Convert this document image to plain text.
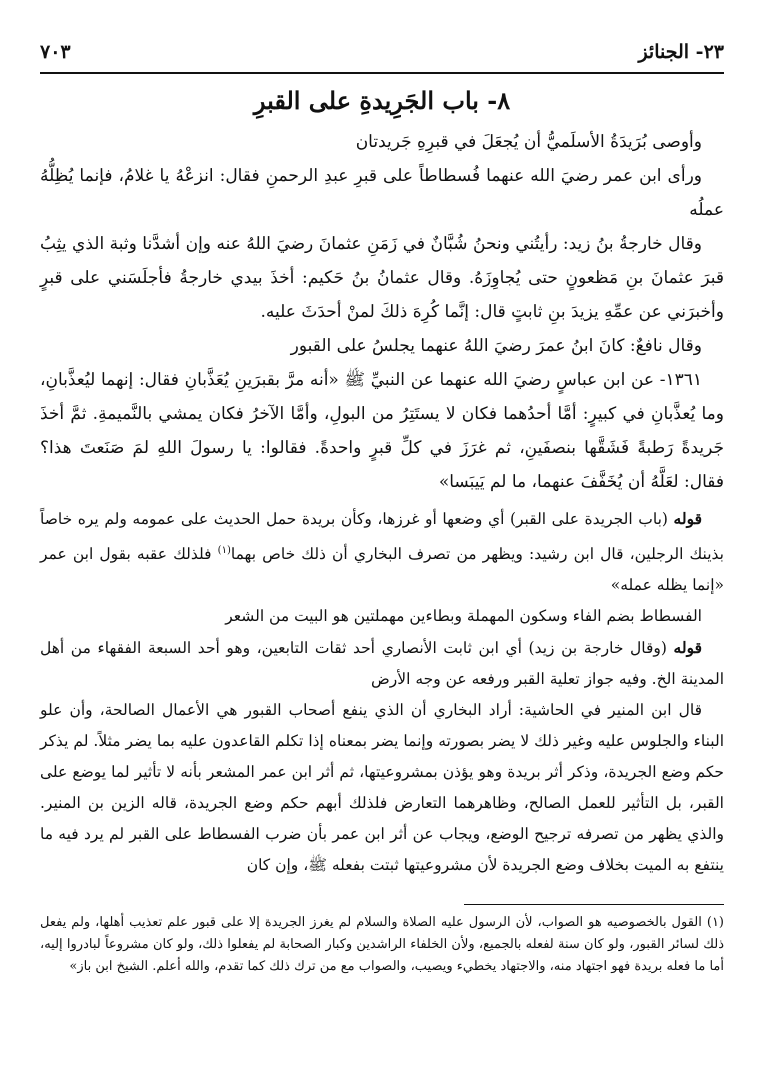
٢٣- الجنائز
٧٠٣
٨- باب الجَرِيدةِ على القبرِ

وأوصى بُرَيدَةُ الأسلَميُّ أن يُجعَلَ في قبرِهِ جَريدتان

ورأى ابن عمر رضيَ الله عنهما فُسطاطاً على قبرِ عبدِ الرحمنِ فقال: انزعْهُ يا غلامُ، فإنما يُظِلُّهُ عملُه

وقال خارجةُ بنُ زيد: رأيتُني ونحنُ شُبَّانٌ في زَمَنِ عثمانَ رضيَ اللهُ عنه وإن أشدَّنا وثبة الذي يثِبُ قبرَ عثمانَ بنِ مَظعونٍ حتى يُجاوِزَهُ. وقال عثمانُ بنُ حَكيم: أخذَ بيدي خارجةُ فأجلَسَني على قبرٍ وأخبرَني عن عمِّهِ يزيدَ بنِ ثابتٍ قال: إنَّما كُرِهَ ذلكَ لمنْ أحدَثَ عليه.

وقال نافعٌ: كانَ ابنُ عمرَ رضيَ اللهُ عنهما يجلسُ على القبور

١٣٦١- عن ابن عباسٍ رضيَ الله عنهما عن النبيِّ ﷺ «أنه مرَّ بقبرَينِ يُعَذَّبانِ فقال: إنهما ليُعذَّبانِ، وما يُعذَّبانِ في كبيرٍ: أمَّا أحدُهما فكان لا يستَتِرُ من البولِ، وأمَّا الآخرُ فكان يمشي بالنَّميمةِ. ثمَّ أخذَ جَريدةً رَطبةً فَشَقَّها بنصفَينِ، ثم غرَزَ في كلِّ قبرٍ واحدةً. فقالوا: يا رسولَ اللهِ لمَ صَنَعتَ هذا؟ فقال: لعَلَّهُ أن يُخَفَّفَ عنهما، ما لم يَيبَسا»

قوله (باب الجريدة على القبر) أي وضعها أو غرزها، وكأن بريدة حمل الحديث على عمومه ولم يره خاصاً بذينك الرجلين، قال ابن رشيد: ويظهر من تصرف البخاري أن ذلك خاص بهما$^{(١)}$ فلذلك عقبه بقول ابن عمر «إنما يظله عمله»

الفسطاط بضم الفاء وسكون المهملة وبطاءين مهملتين هو البيت من الشعر

قوله (وقال خارجة بن زيد) أي ابن ثابت الأنصاري أحد ثقات التابعين، وهو أحد السبعة الفقهاء من أهل المدينة الخ. وفيه جواز تعلية القبر ورفعه عن وجه الأرض

قال ابن المنير في الحاشية: أراد البخاري أن الذي ينفع أصحاب القبور هي الأعمال الصالحة، وأن علو البناء والجلوس عليه وغير ذلك لا يضر بصورته وإنما يضر بمعناه إذا تكلم القاعدون عليه بما يضر مثلاً. لم يذكر حكم وضع الجريدة، وذكر أثر بريدة وهو يؤذن بمشروعيتها، ثم أثر ابن عمر المشعر بأنه لا تأثير لما يوضع على القبر، بل التأثير للعمل الصالح، وظاهرهما التعارض فلذلك أبهم حكم وضع الجريدة، قاله الزين بن المنير. والذي يظهر من تصرفه ترجيح الوضع، ويجاب عن أثر ابن عمر بأن ضرب الفسطاط على القبر لم يرد فيه ما ينتفع به الميت بخلاف وضع الجريدة لأن مشروعيتها ثبتت بفعله ﷺ، وإن كان

(١) القول بالخصوصيه هو الصواب، لأن الرسول عليه الصلاة والسلام لم يغرز الجريدة إلا على قبور علم تعذيب أهلها، ولم يفعل ذلك لسائر القبور، ولو كان سنة لفعله بالجميع، ولأن الخلفاء الراشدين وكبار الصحابة لم يفعلوا ذلك، ولو كان مشروعاً لبادروا إليه، أما ما فعله بريدة فهو اجتهاد منه، والاجتهاد يخطيء ويصيب، والصواب مع من ترك ذلك كما تقدم، والله أعلم. الشيخ ابن باز»
